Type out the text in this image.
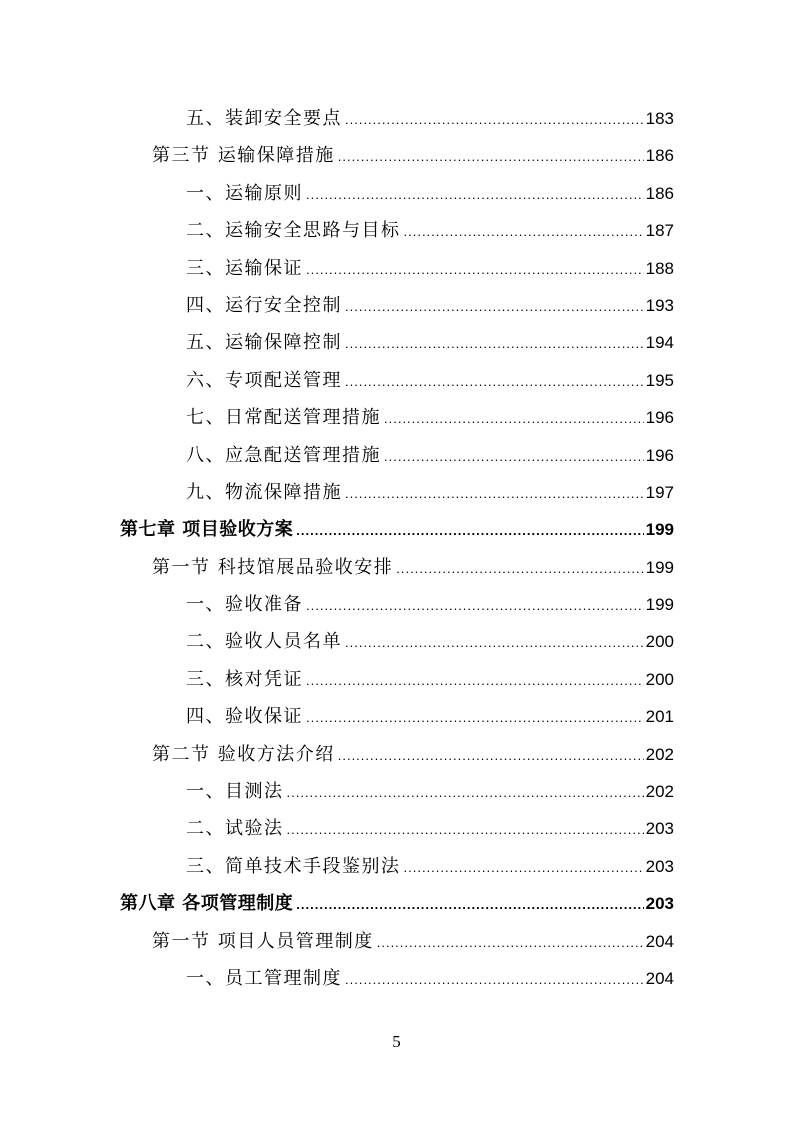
五、装卸安全要点 .....	183
第三节 运输保障措施 .....	186
一、运输原则 .....	186
二、运输安全思路与目标 .....	187
三、运输保证 .....	188
四、运行安全控制 .....	193
五、运输保障控制 .....	194
六、专项配送管理 .....	195
七、日常配送管理措施 .....	196
八、应急配送管理措施 .....	196
九、物流保障措施 .....	197
第七章 项目验收方案 .....	199
第一节 科技馆展品验收安排 .....	199
一、验收准备 .....	199
二、验收人员名单 .....	200
三、核对凭证 .....	200
四、验收保证 .....	201
第二节 验收方法介绍 .....	202
一、目测法 .....	202
二、试验法 .....	203
三、简单技术手段鉴别法 .....	203
第八章 各项管理制度 .....	203
第一节 项目人员管理制度 .....	204
一、员工管理制度 .....	204
5
